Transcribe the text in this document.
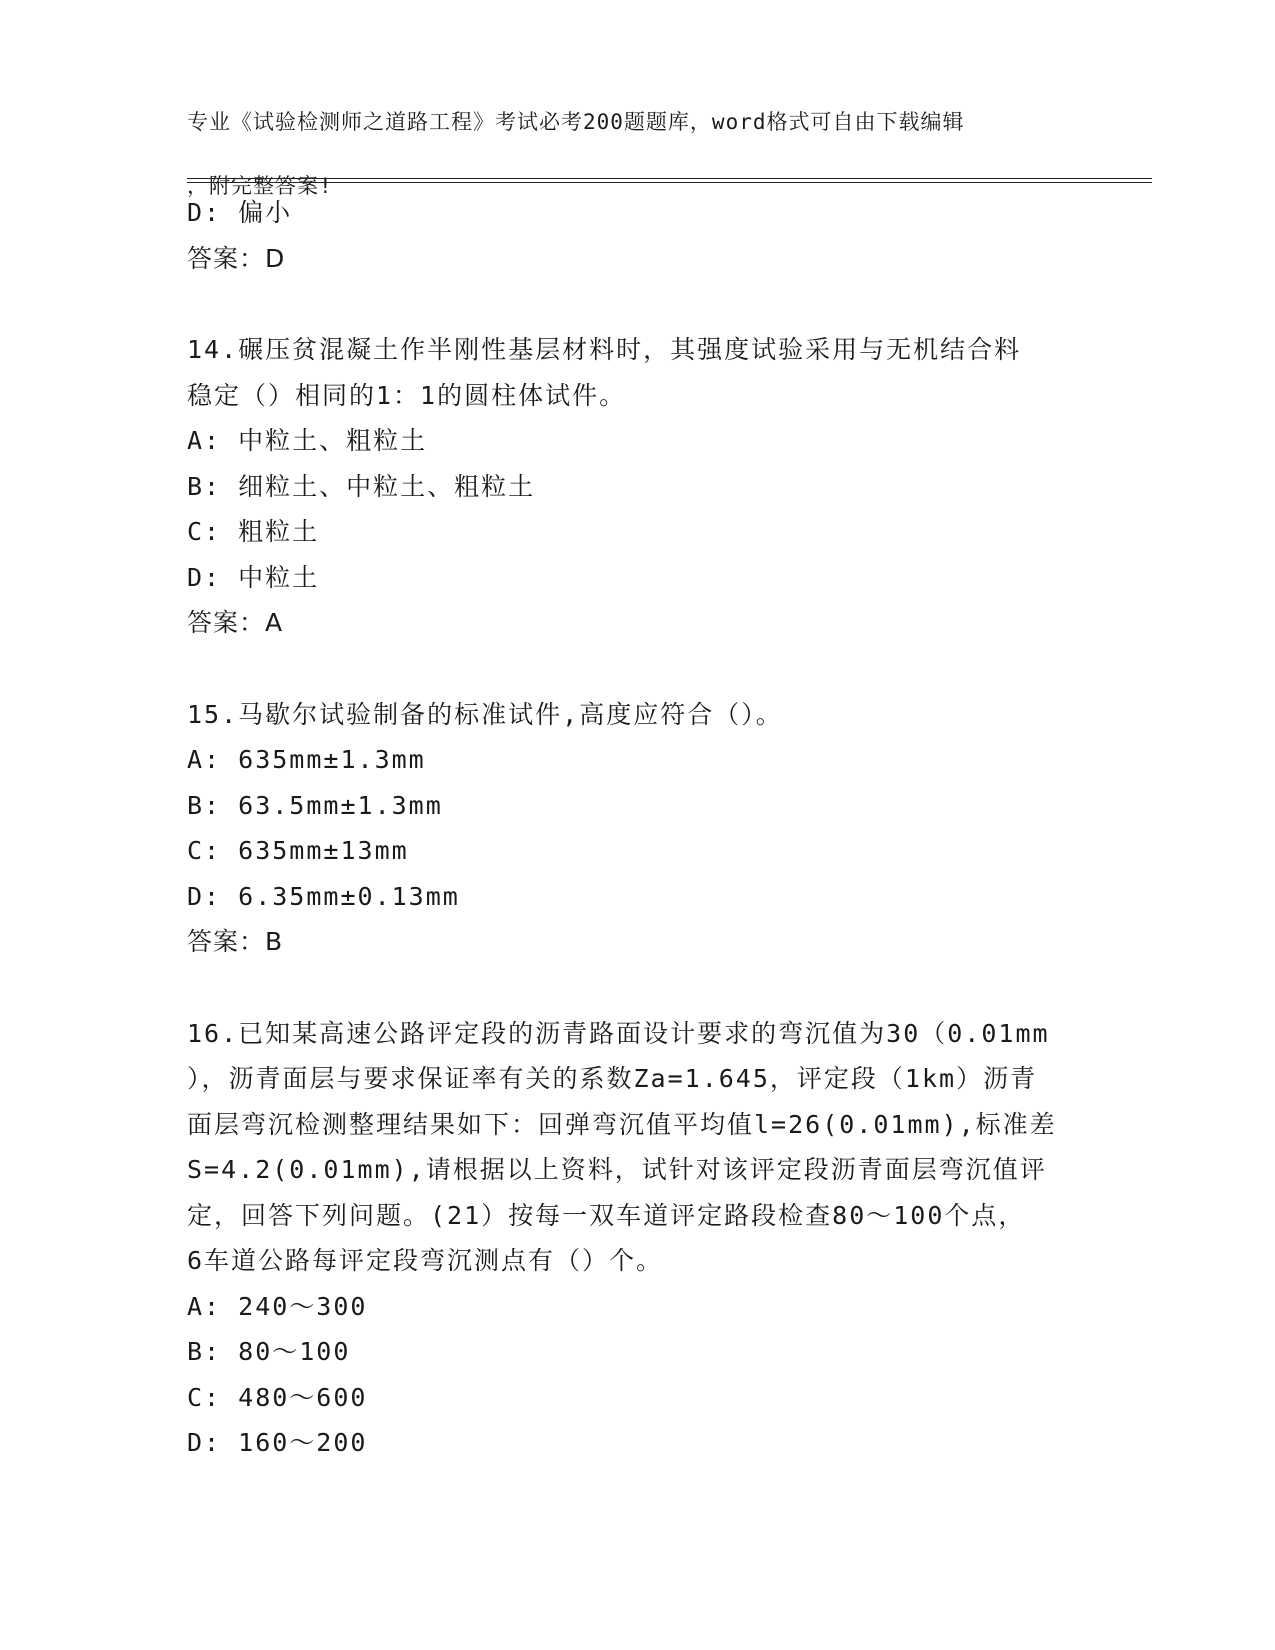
专业《试验检测师之道路工程》考试必考200题题库，word格式可自由下载编辑

，附完整答案!

D: 偏小
答案：D
14.碾压贫混凝土作半刚性基层材料时，其强度试验采用与无机结合料
稳定（）相同的1：1的圆柱体试件。
A: 中粒土、粗粒土
B: 细粒土、中粒土、粗粒土
C: 粗粒土
D: 中粒土
答案：A
15.马歇尔试验制备的标准试件,高度应符合（）。
A: 635mm±1.3mm
B: 63.5mm±1.3mm
C: 635mm±13mm
D: 6.35mm±0.13mm
答案：B
16.已知某高速公路评定段的沥青路面设计要求的弯沉值为30（0.01mm
），沥青面层与要求保证率有关的系数Za=1.645，评定段（1km）沥青
面层弯沉检测整理结果如下：回弹弯沉值平均值l=26(0.01mm),标准差
S=4.2(0.01mm),请根据以上资料，试针对该评定段沥青面层弯沉值评
定，回答下列问题。(21）按每一双车道评定路段检查80～100个点，
6车道公路每评定段弯沉测点有（）个。
A: 240～300
B: 80～100
C: 480～600
D: 160～200
